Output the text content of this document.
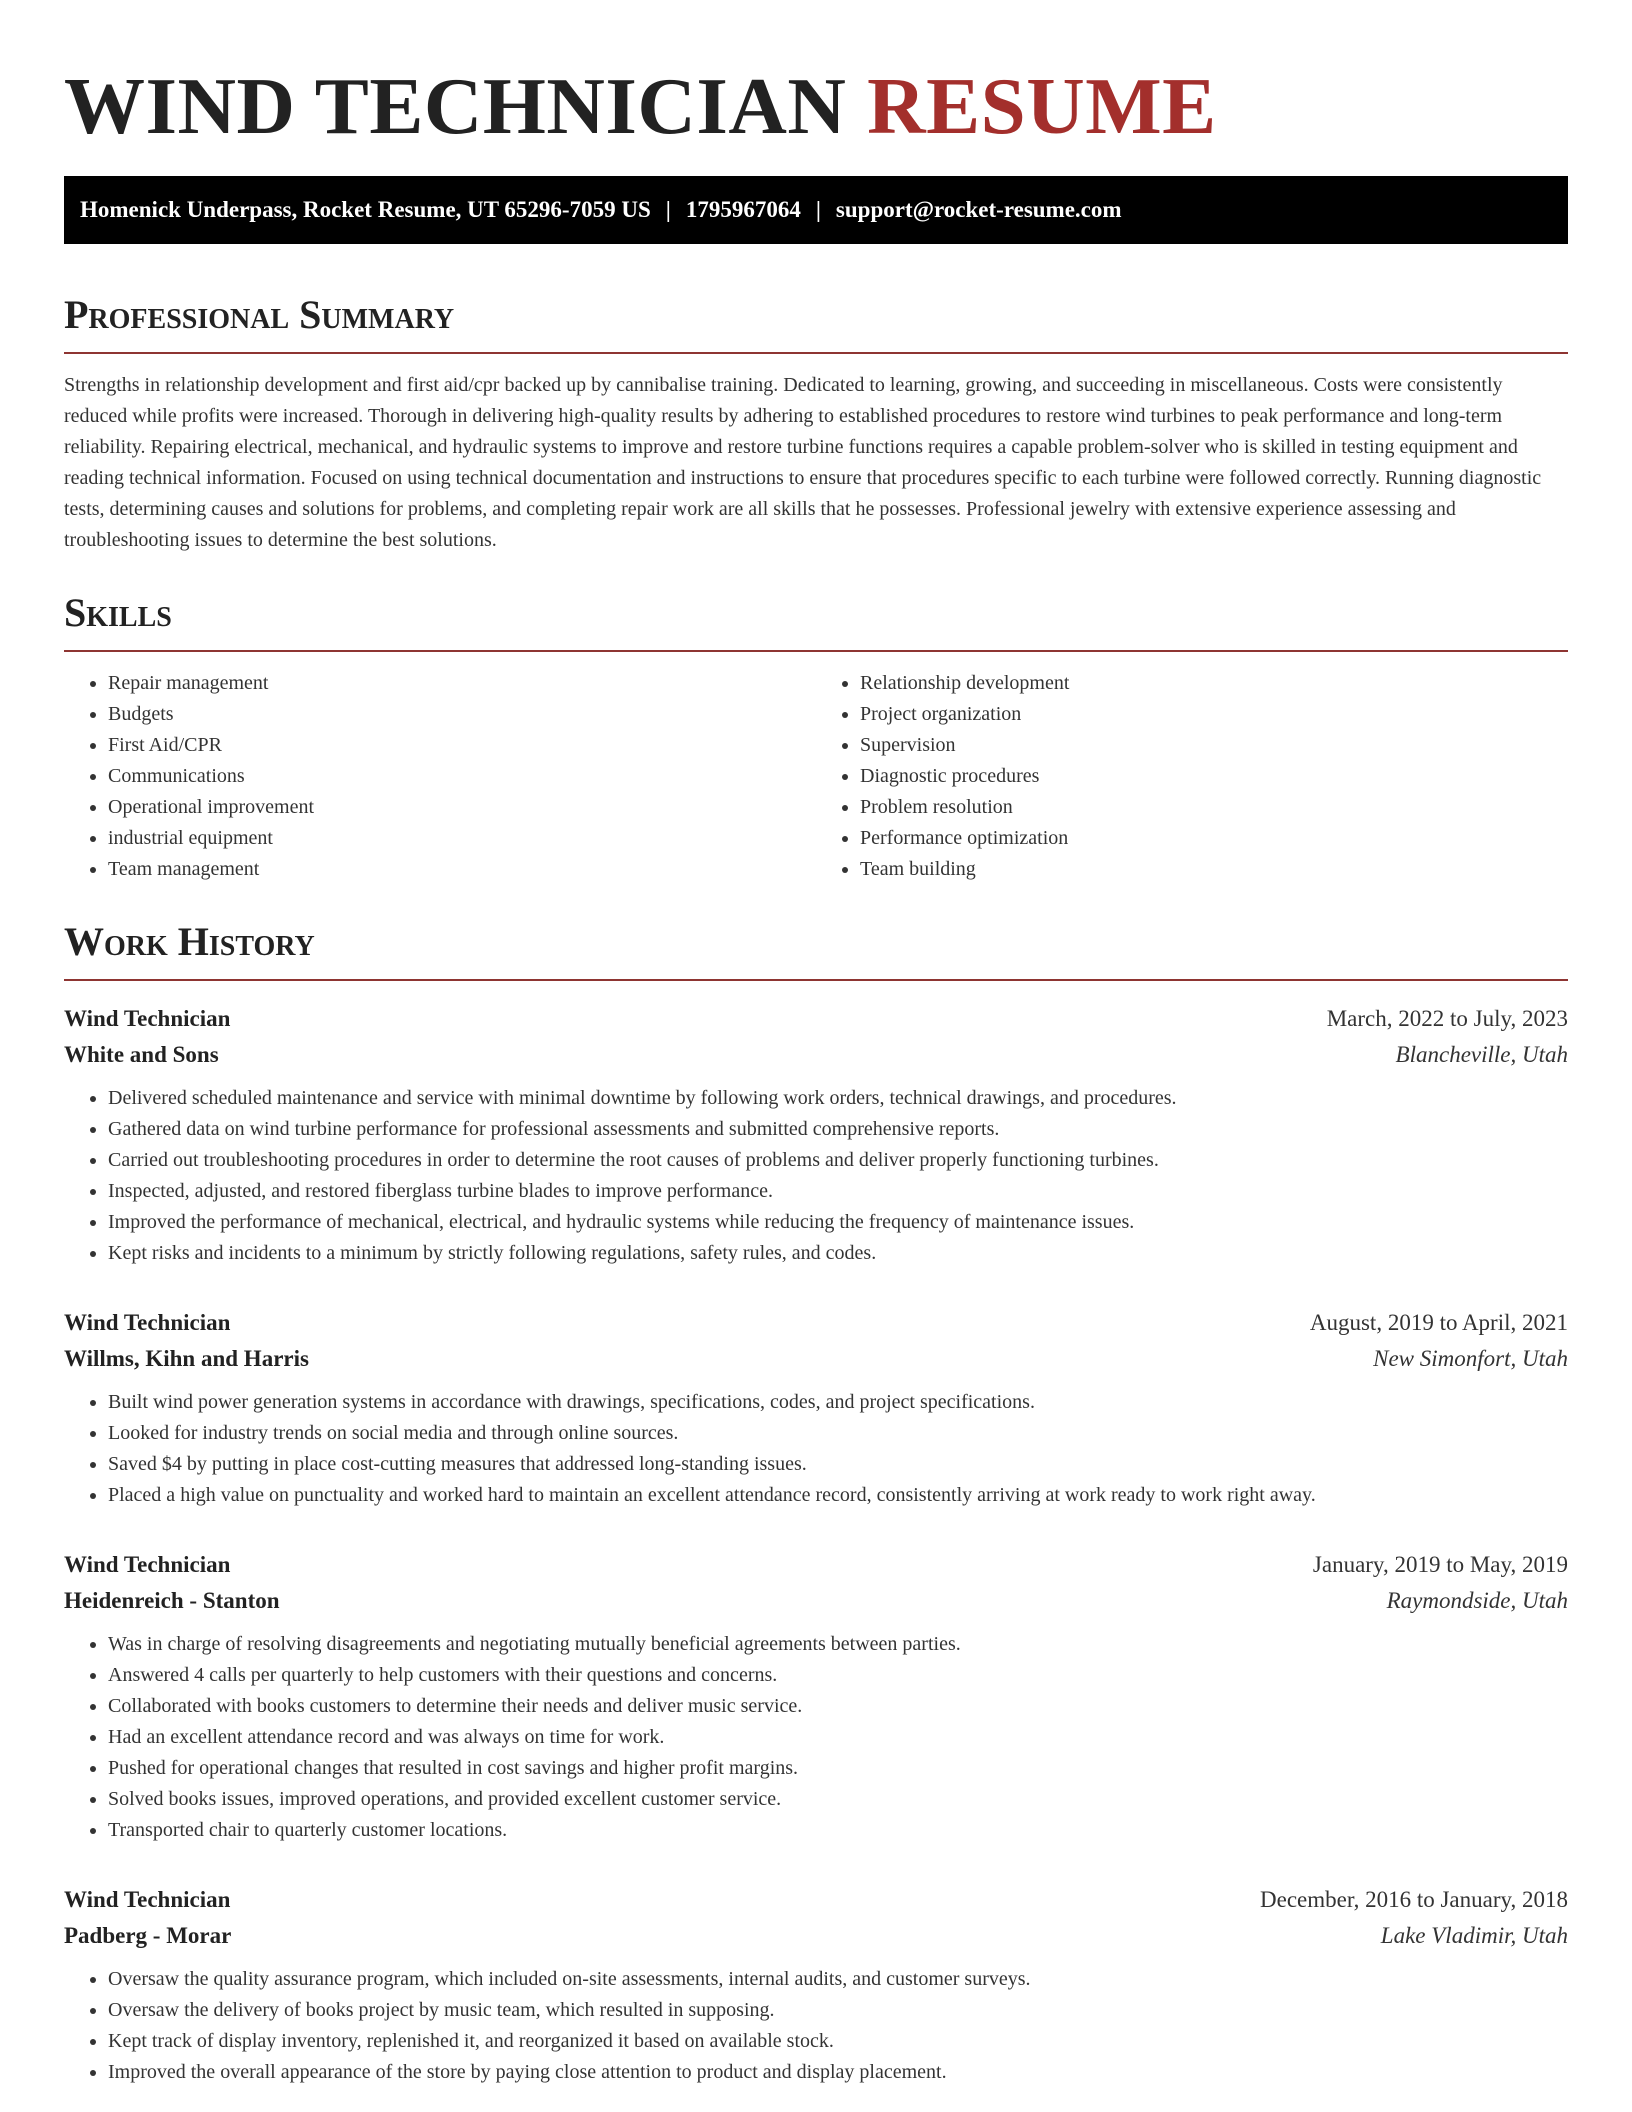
WIND TECHNICIAN RESUME
Homenick Underpass, Rocket Resume, UT 65296-7059 US | 1795967064 | support@rocket-resume.com
Professional Summary

Strengths in relationship development and first aid/cpr backed up by cannibalise training. Dedicated to learning, growing, and succeeding in miscellaneous. Costs were consistently reduced while profits were increased. Thorough in delivering high-quality results by adhering to established procedures to restore wind turbines to peak performance and long-term reliability. Repairing electrical, mechanical, and hydraulic systems to improve and restore turbine functions requires a capable problem-solver who is skilled in testing equipment and reading technical information. Focused on using technical documentation and instructions to ensure that procedures specific to each turbine were followed correctly. Running diagnostic tests, determining causes and solutions for problems, and completing repair work are all skills that he possesses. Professional jewelry with extensive experience assessing and troubleshooting issues to determine the best solutions.

Skills
• Repair management
• Budgets
• First Aid/CPR
• Communications
• Operational improvement
• industrial equipment
• Team management
• Relationship development
• Project organization
• Supervision
• Diagnostic procedures
• Problem resolution
• Performance optimization
• Team building
Work History
Wind Technician	March, 2022 to July, 2023
White and Sons	Blancheville, Utah
• Delivered scheduled maintenance and service with minimal downtime by following work orders, technical drawings, and procedures.
• Gathered data on wind turbine performance for professional assessments and submitted comprehensive reports.
• Carried out troubleshooting procedures in order to determine the root causes of problems and deliver properly functioning turbines.
• Inspected, adjusted, and restored fiberglass turbine blades to improve performance.
• Improved the performance of mechanical, electrical, and hydraulic systems while reducing the frequency of maintenance issues.
• Kept risks and incidents to a minimum by strictly following regulations, safety rules, and codes.
Wind Technician	August, 2019 to April, 2021
Willms, Kihn and Harris	New Simonfort, Utah
• Built wind power generation systems in accordance with drawings, specifications, codes, and project specifications.
• Looked for industry trends on social media and through online sources.
• Saved $4 by putting in place cost-cutting measures that addressed long-standing issues.
• Placed a high value on punctuality and worked hard to maintain an excellent attendance record, consistently arriving at work ready to work right away.
Wind Technician	January, 2019 to May, 2019
Heidenreich - Stanton	Raymondside, Utah
• Was in charge of resolving disagreements and negotiating mutually beneficial agreements between parties.
• Answered 4 calls per quarterly to help customers with their questions and concerns.
• Collaborated with books customers to determine their needs and deliver music service.
• Had an excellent attendance record and was always on time for work.
• Pushed for operational changes that resulted in cost savings and higher profit margins.
• Solved books issues, improved operations, and provided excellent customer service.
• Transported chair to quarterly customer locations.
Wind Technician	December, 2016 to January, 2018
Padberg - Morar	Lake Vladimir, Utah
• Oversaw the quality assurance program, which included on-site assessments, internal audits, and customer surveys.
• Oversaw the delivery of books project by music team, which resulted in supposing.
• Kept track of display inventory, replenished it, and reorganized it based on available stock.
• Improved the overall appearance of the store by paying close attention to product and display placement.
